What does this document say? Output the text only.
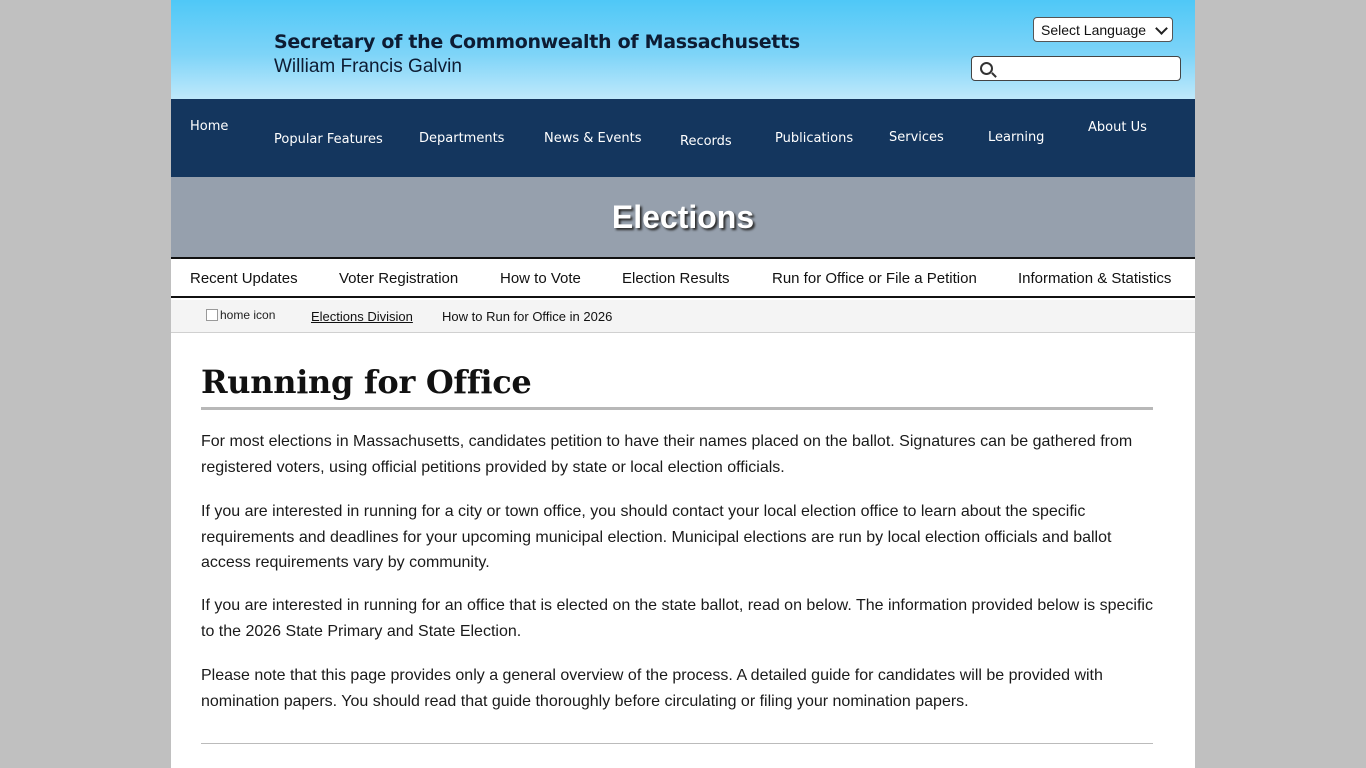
Secretary of the Commonwealth of Massachusetts
William Francis Galvin
Select Language
Home
Popular Features	Departments	News & Events	Records	Publications	Services	Learning
About Us
Elections
Recent Updates	Voter Registration	How to Vote	Election Results	Run for Office or File a Petition	Information & Statistics
home icon	Elections Division How to Run for Office in 2026
Running for Office

For most elections in Massachusetts, candidates petition to have their names placed on the ballot. Signatures can be gathered from registered voters, using official petitions provided by state or local election officials.

If you are interested in running for a city or town office, you should contact your local election office to learn about the specific requirements and deadlines for your upcoming municipal election. Municipal elections are run by local election officials and ballot access requirements vary by community.

If you are interested in running for an office that is elected on the state ballot, read on below. The information provided below is specific to the 2026 State Primary and State Election.

Please note that this page provides only a general overview of the process. A detailed guide for candidates will be provided with nomination papers. You should read that guide thoroughly before circulating or filing your nomination papers.
